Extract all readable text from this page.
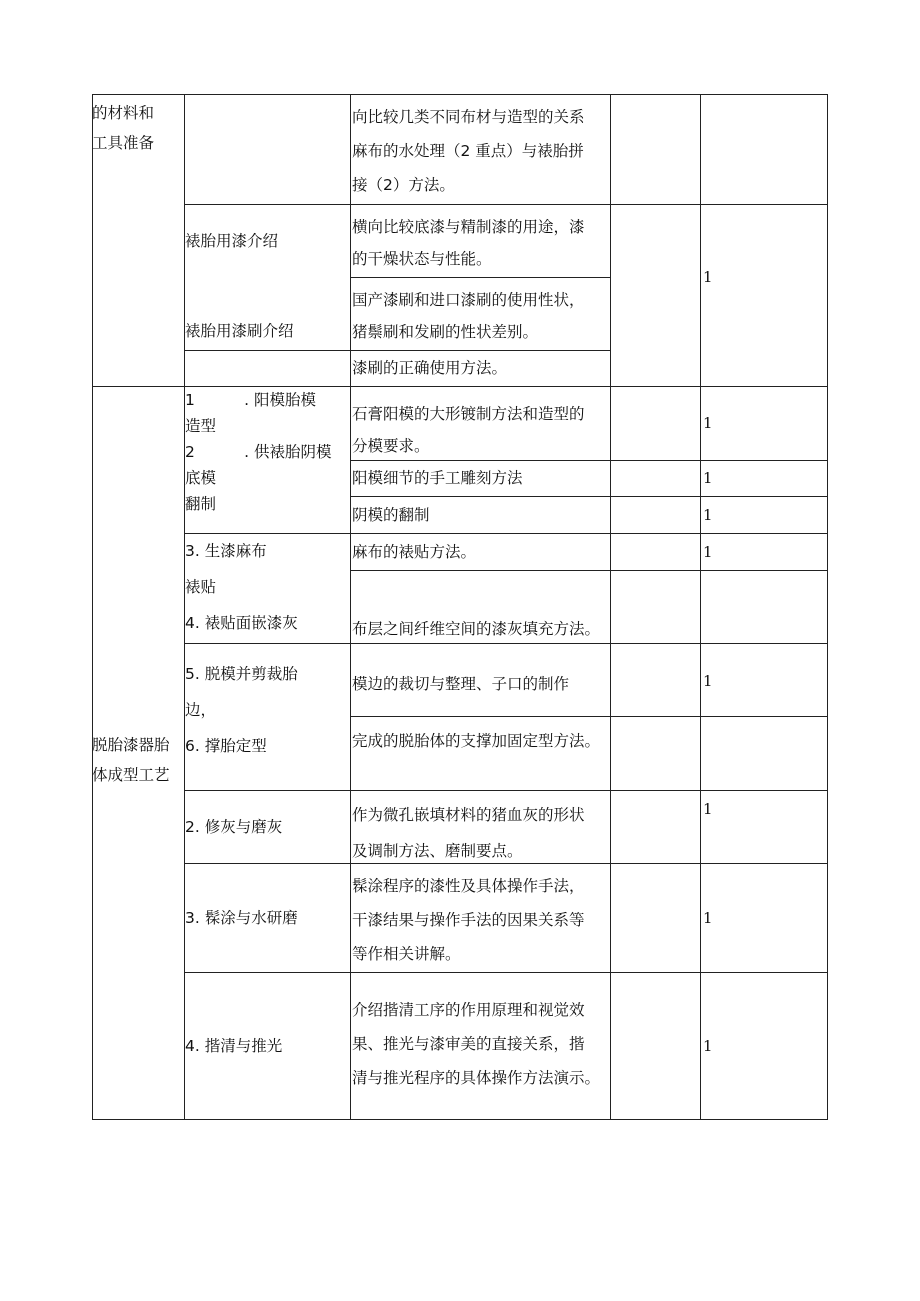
的材料和
工具准备
脱胎漆器胎
体成型工艺
裱胎用漆介绍
裱胎用漆刷介绍
1          . 阳模胎模
造型
2          . 供裱胎阴模
底模
翻制
3. 生漆麻布
裱贴
4. 裱贴面嵌漆灰
5. 脱模并剪裁胎
边，
6. 撑胎定型
2. 修灰与磨灰
3. 髹涂与水研磨
4. 揩清与推光
向比较几类不同布材与造型的关系
麻布的水处理（2 重点）与裱胎拼
接（2）方法。
横向比较底漆与精制漆的用途，漆
的干燥状态与性能。
国产漆刷和进口漆刷的使用性状，
猪鬃刷和发刷的性状差别。
漆刷的正确使用方法。
石膏阳模的大形镀制方法和造型的
分模要求。
阳模细节的手工雕刻方法
阴模的翻制
麻布的裱贴方法。
布层之间纤维空间的漆灰填充方法。
模边的裁切与整理、子口的制作
完成的脱胎体的支撑加固定型方法。
作为微孔嵌填材料的猪血灰的形状
及调制方法、磨制要点。
髹涂程序的漆性及具体操作手法，
干漆结果与操作手法的因果关系等
等作相关讲解。
介绍揩清工序的作用原理和视觉效
果、推光与漆审美的直接关系，揩
清与推光程序的具体操作方法演示。
1
1
1
1
1
1
1
1
1
